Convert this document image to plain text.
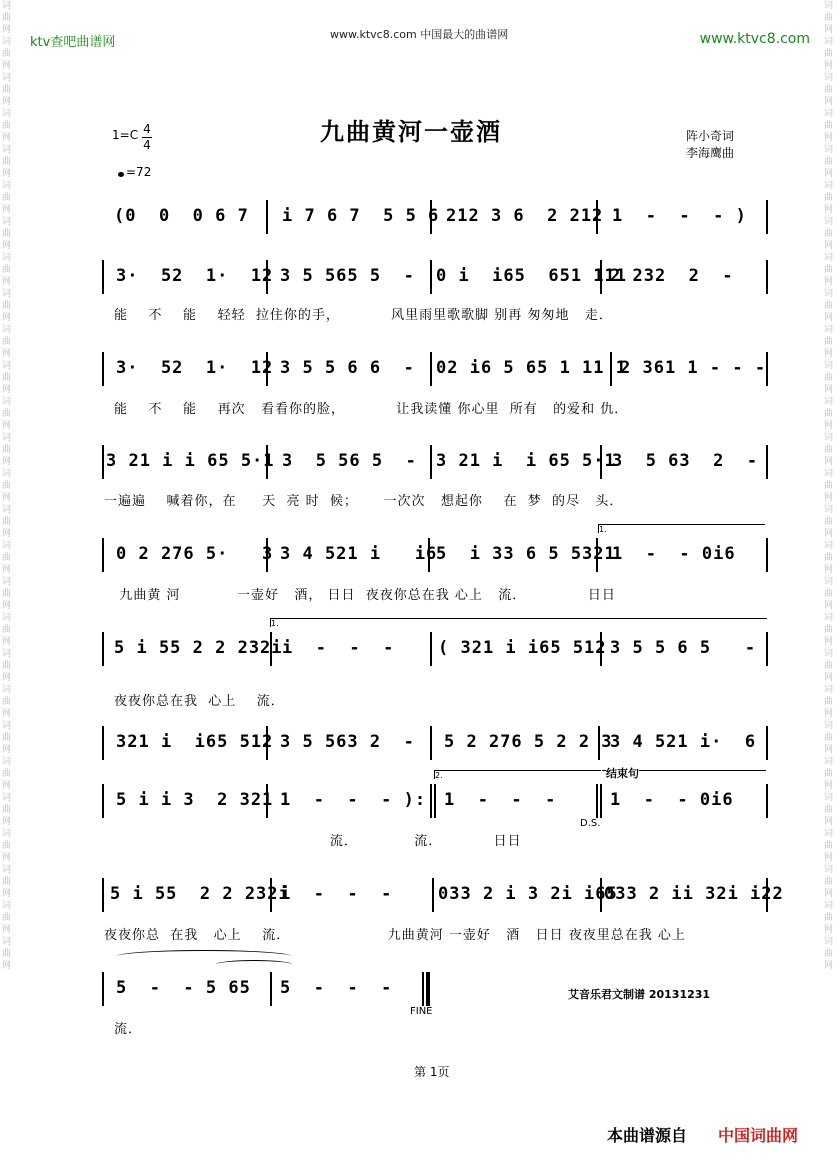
词曲网词曲网词曲网词曲网词曲网词曲网词曲网词曲网词曲网词曲网词曲网词曲网词曲网词曲网词曲网词曲网词曲网词曲网词曲网词曲网词曲网词曲网词曲网词曲网词曲网词曲网词曲网
词曲网词曲网词曲网词曲网词曲网词曲网词曲网词曲网词曲网词曲网词曲网词曲网词曲网词曲网词曲网词曲网词曲网词曲网词曲网词曲网词曲网词曲网词曲网词曲网词曲网词曲网词曲网
ktv查吧曲谱网
www.ktvc8.com 中国最大的曲谱网	www.ktvc8.com
九曲黄河一壶酒
$1=C \frac{4}{4}$
=72
阵小奇词
李海鹰曲
(0  0  0 6 7 i 7 6 7  5 5 6 212 3 6  2 212 1  -  -  - )
3·  52  1·  12 3 5 565 5  - 0 i  i65  651 111
2 232  2  -
能    不    能    轻轻  拉住你的手，          风里雨里歌歌脚 别再 匆匆地   走．
3·  52  1·  12 3 5 5 6 6  - 02 i6 5 65 1 11 1
2 361 1 - - -
能    不    能    再次   看看你的脸，          让我读懂 你心里  所有   的爱和 仇．
3 21 i i 65 5·1 3  5 56 5  - 3 21 i  i 65 5·1
3  5 63  2  -
一遍遍    喊着你，在     天  亮 时  候；     一次次   想起你    在  梦  的尽   头．
0 2 276 5·   3 3 4 521 i   i6
5  i 33 6 5 5321
1  -  - 0i6
1.
九曲黄 河           一壶好   酒， 日日  夜夜你总在我 心上   流．            日日
5 i 55 2 2 232i i  -  -  -	( 321 i i65 512 3 5 5 6 5   -
1.
夜夜你总在我  心上    流．
321 i  i65 512 3 5 563 2  - 5 2 276 5 2 2 3
3 4 521 i·  6
5 i i 3  2 321 1  -  -  - ): 1  -  -  -	1  -  - 0i6
2.	结束句
D.S.
流．           流．          日日
5 i 55  2 2 232i
i  -  -  -	033 2 i 3 2i i65
033 2 ii 32i i22
夜夜你总  在我   心上    流．                   九曲黄河 一壶好   酒   日日 夜夜里总在我 心上
5  -  - 5 65 5  -  -  -
FINE
艾音乐君文制谱 20131231
流．
第 1页
本曲谱源自 中国词曲网
